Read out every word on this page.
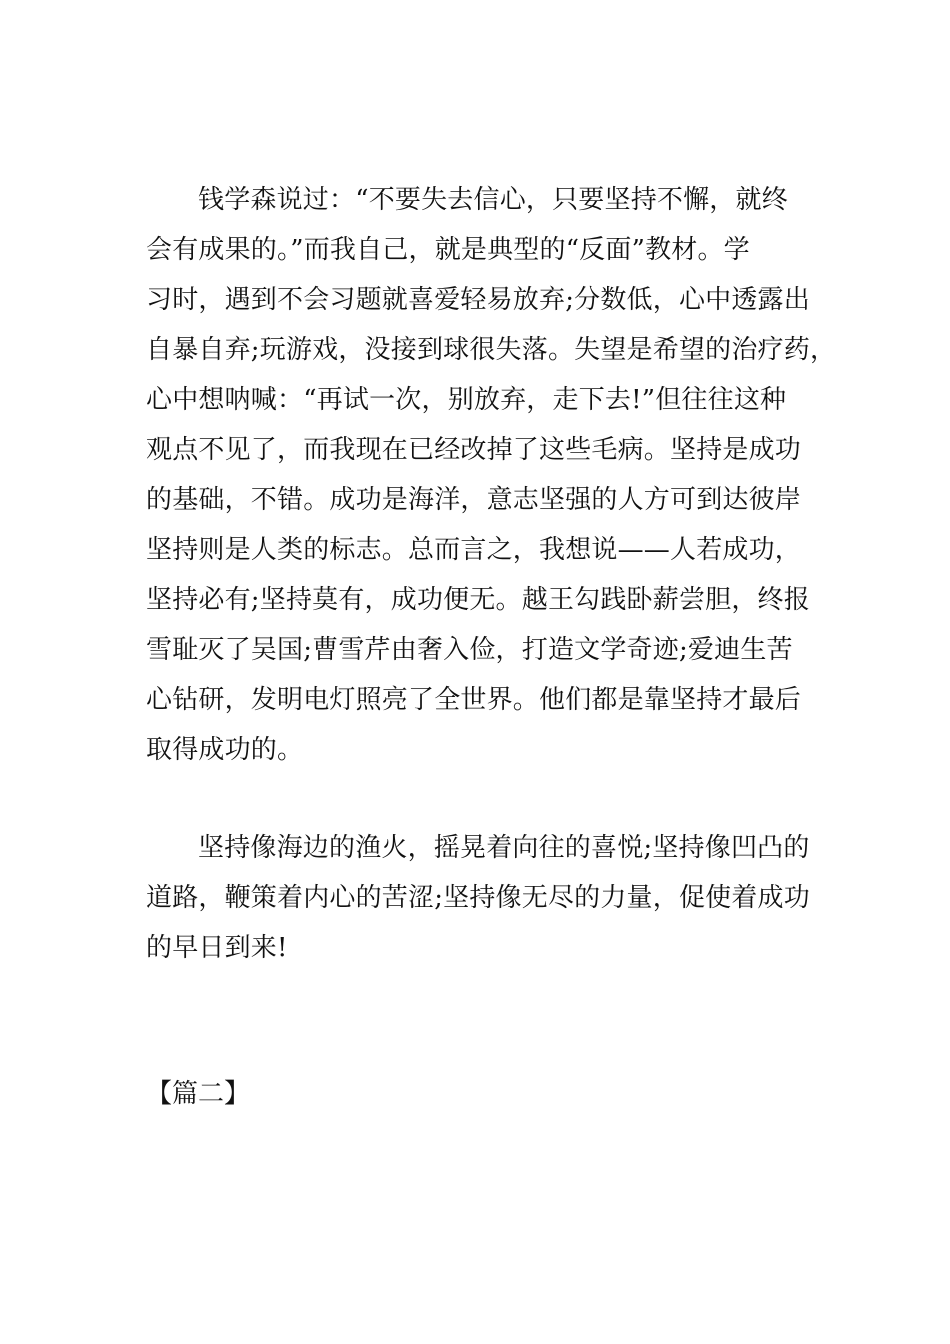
钱学森说过：“不要失去信心，只要坚持不懈，就终
会有成果的。”而我自己，就是典型的“反面”教材。学
习时，遇到不会习题就喜爱轻易放弃;分数低，心中透露出
自暴自弃;玩游戏，没接到球很失落。失望是希望的治疗药，
心中想呐喊：“再试一次，别放弃，走下去!”但往往这种
观点不见了，而我现在已经改掉了这些毛病。坚持是成功
的基础，不错。成功是海洋，意志坚强的人方可到达彼岸
坚持则是人类的标志。总而言之，我想说——人若成功，
坚持必有;坚持莫有，成功便无。越王勾践卧薪尝胆，终报
雪耻灭了吴国;曹雪芹由奢入俭，打造文学奇迹;爱迪生苦
心钻研，发明电灯照亮了全世界。他们都是靠坚持才最后
取得成功的。
坚持像海边的渔火，摇晃着向往的喜悦;坚持像凹凸的
道路，鞭策着内心的苦涩;坚持像无尽的力量，促使着成功
的早日到来!
【篇二】
